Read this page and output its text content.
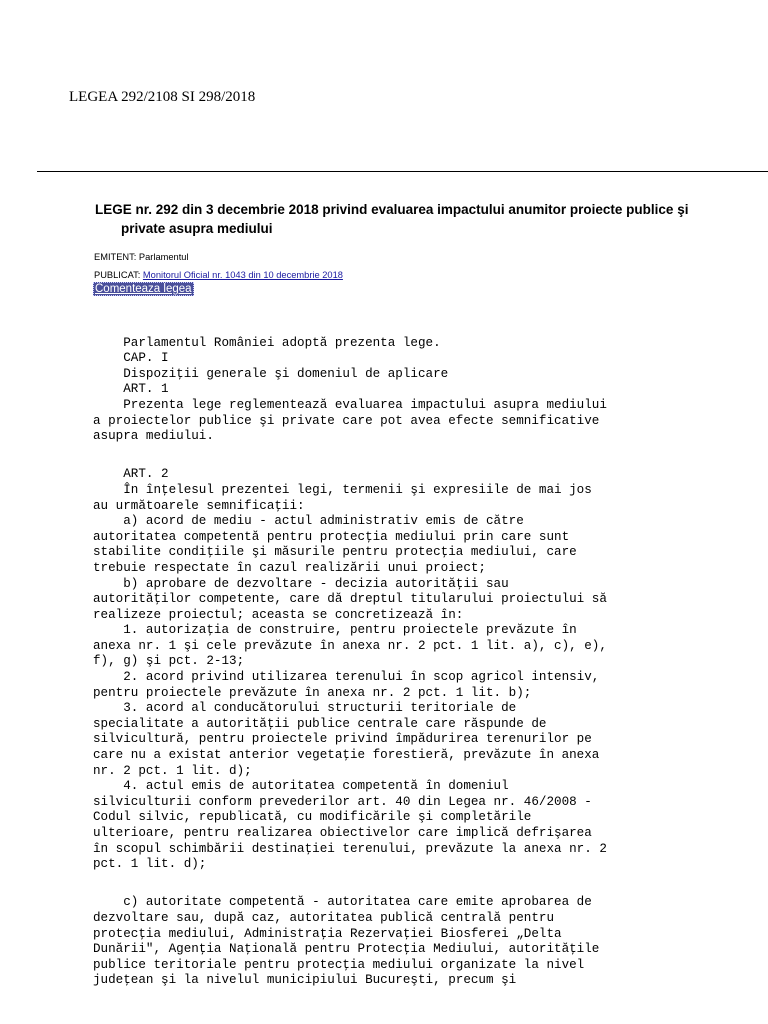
LEGEA 292/2108 SI 298/2018
LEGE nr. 292 din 3 decembrie 2018 privind evaluarea impactului anumitor proiecte publice şi private asupra mediului
EMITENT: Parlamentul
PUBLICAT: Monitorul Oficial nr. 1043 din 10 decembrie 2018
Comenteaza legea

Parlamentul României adoptă prezenta lege.
CAP. I
Dispoziţii generale şi domeniul de aplicare
ART. 1
Prezenta lege reglementează evaluarea impactului asupra mediului
a proiectelor publice şi private care pot avea efecte semnificative
asupra mediului.

ART. 2
În înţelesul prezentei legi, termenii şi expresiile de mai jos
au următoarele semnificaţii:
a) acord de mediu - actul administrativ emis de către
autoritatea competentă pentru protecţia mediului prin care sunt
stabilite condiţiile şi măsurile pentru protecţia mediului, care
trebuie respectate în cazul realizării unui proiect;
b) aprobare de dezvoltare - decizia autorităţii sau
autorităţilor competente, care dă dreptul titularului proiectului să
realizeze proiectul; aceasta se concretizează în:
1. autorizaţia de construire, pentru proiectele prevăzute în
anexa nr. 1 şi cele prevăzute în anexa nr. 2 pct. 1 lit. a), c), e),
f), g) şi pct. 2-13;
2. acord privind utilizarea terenului în scop agricol intensiv,
pentru proiectele prevăzute în anexa nr. 2 pct. 1 lit. b);
3. acord al conducătorului structurii teritoriale de
specialitate a autorităţii publice centrale care răspunde de
silvicultură, pentru proiectele privind împădurirea terenurilor pe
care nu a existat anterior vegetaţie forestieră, prevăzute în anexa
nr. 2 pct. 1 lit. d);
4. actul emis de autoritatea competentă în domeniul
silviculturii conform prevederilor art. 40 din Legea nr. 46/2008 -
Codul silvic, republicată, cu modificările şi completările
ulterioare, pentru realizarea obiectivelor care implică defrişarea
în scopul schimbării destinaţiei terenului, prevăzute la anexa nr. 2
pct. 1 lit. d);

c) autoritate competentă - autoritatea care emite aprobarea de
dezvoltare sau, după caz, autoritatea publică centrală pentru
protecţia mediului, Administraţia Rezervaţiei Biosferei „Delta
Dunării", Agenţia Naţională pentru Protecţia Mediului, autorităţile
publice teritoriale pentru protecţia mediului organizate la nivel
judeţean şi la nivelul municipiului Bucureşti, precum şi
